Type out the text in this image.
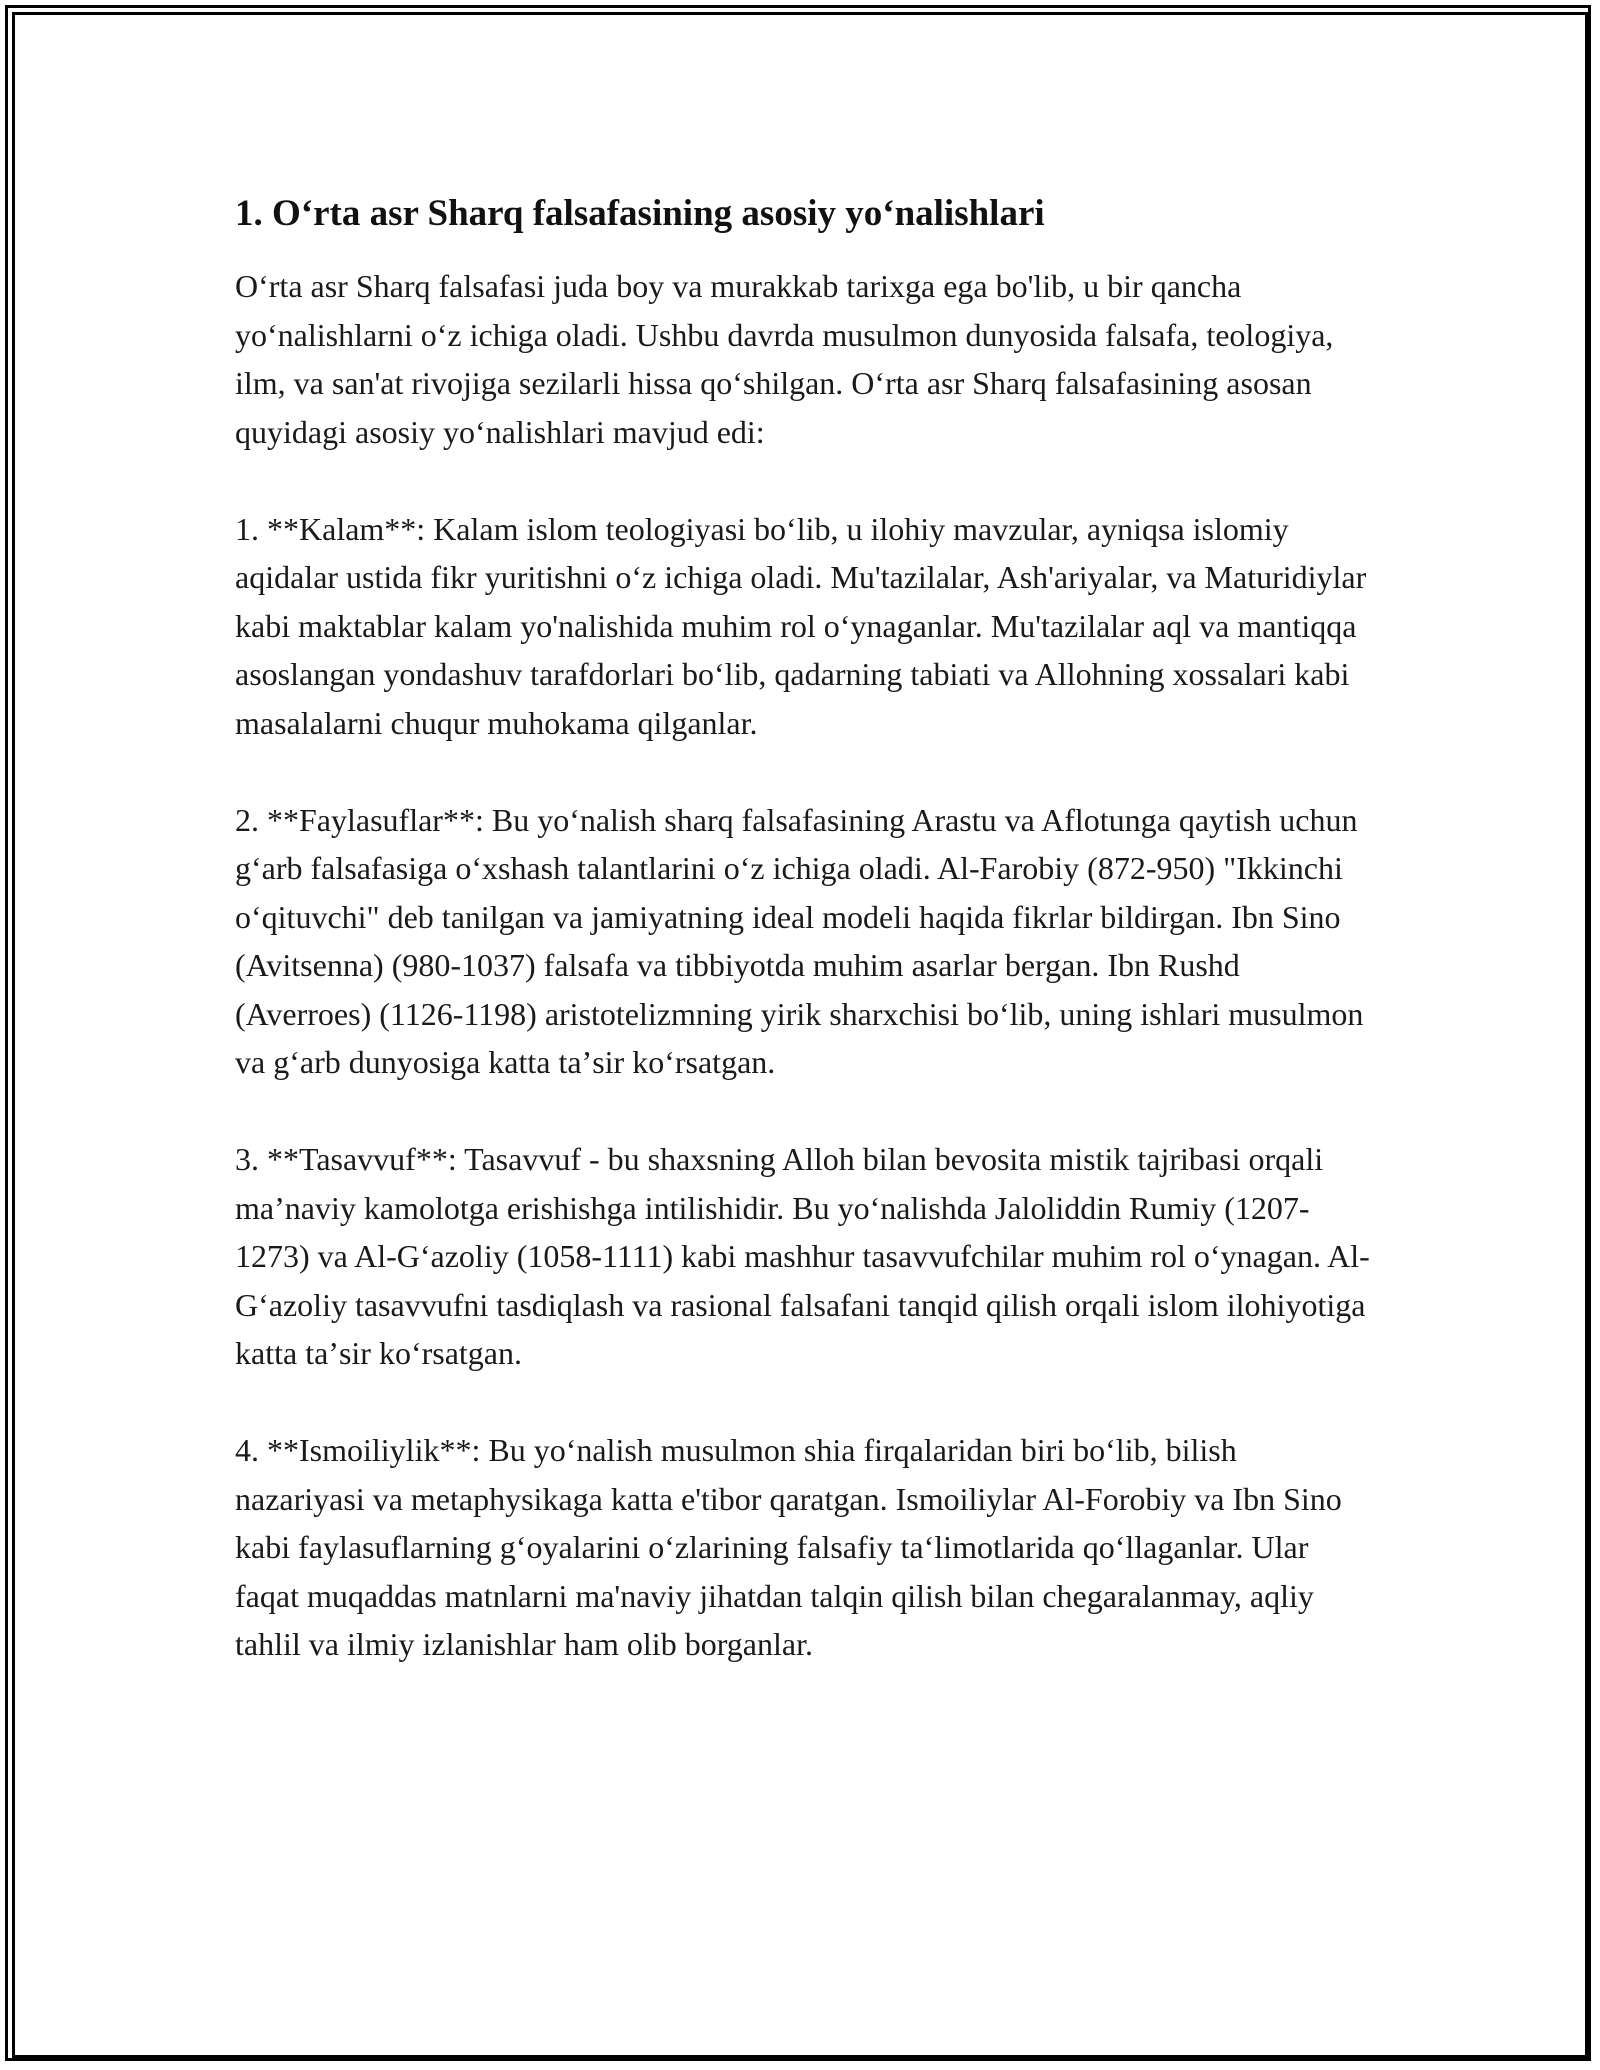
1. Oʻrta asr Sharq falsafasining asosiy yoʻnalishlari

Oʻrta asr Sharq falsafasi juda boy va murakkab tarixga ega bo'lib, u bir qancha yoʻnalishlarni oʻz ichiga oladi. Ushbu davrda musulmon dunyosida falsafa, teologiya, ilm, va san'at rivojiga sezilarli hissa qoʻshilgan. Oʻrta asr Sharq falsafasining asosan quyidagi asosiy yoʻnalishlari mavjud edi:

1. **Kalam**: Kalam islom teologiyasi boʻlib, u ilohiy mavzular, ayniqsa islomiy aqidalar ustida fikr yuritishni oʻz ichiga oladi. Mu'tazilalar, Ash'ariyalar, va Maturidiylar kabi maktablar kalam yo'nalishida muhim rol oʻynaganlar. Mu'tazilalar aql va mantiqqa asoslangan yondashuv tarafdorlari boʻlib, qadarning tabiati va Allohning xossalari kabi masalalarni chuqur muhokama qilganlar.

2. **Faylasuflar**: Bu yoʻnalish sharq falsafasining Arastu va Aflotunga qaytish uchun gʻarb falsafasiga oʻxshash talantlarini oʻz ichiga oladi. Al-Farobiy (872-950) "Ikkinchi oʻqituvchi" deb tanilgan va jamiyatning ideal modeli haqida fikrlar bildirgan. Ibn Sino (Avitsenna) (980-1037) falsafa va tibbiyotda muhim asarlar bergan. Ibn Rushd (Averroes) (1126-1198) aristotelizmning yirik sharxchisi boʻlib, uning ishlari musulmon va gʻarb dunyosiga katta taʼsir koʻrsatgan.

3. **Tasavvuf**: Tasavvuf - bu shaxsning Alloh bilan bevosita mistik tajribasi orqali maʼnaviy kamolotga erishishga intilishidir. Bu yoʻnalishda Jaloliddin Rumiy (1207-1273) va Al-Gʻazoliy (1058-1111) kabi mashhur tasavvufchilar muhim rol oʻynagan. Al-Gʻazoliy tasavvufni tasdiqlash va rasional falsafani tanqid qilish orqali islom ilohiyotiga katta taʼsir koʻrsatgan.

4. **Ismoiliylik**: Bu yoʻnalish musulmon shia firqalaridan biri boʻlib, bilish nazariyasi va metaphysikaga katta e'tibor qaratgan. Ismoiliylar Al-Forobiy va Ibn Sino kabi faylasuflarning gʻoyalarini oʻzlarining falsafiy taʻlimotlarida qoʻllaganlar. Ular faqat muqaddas matnlarni ma'naviy jihatdan talqin qilish bilan chegaralanmay, aqliy tahlil va ilmiy izlanishlar ham olib borganlar.
